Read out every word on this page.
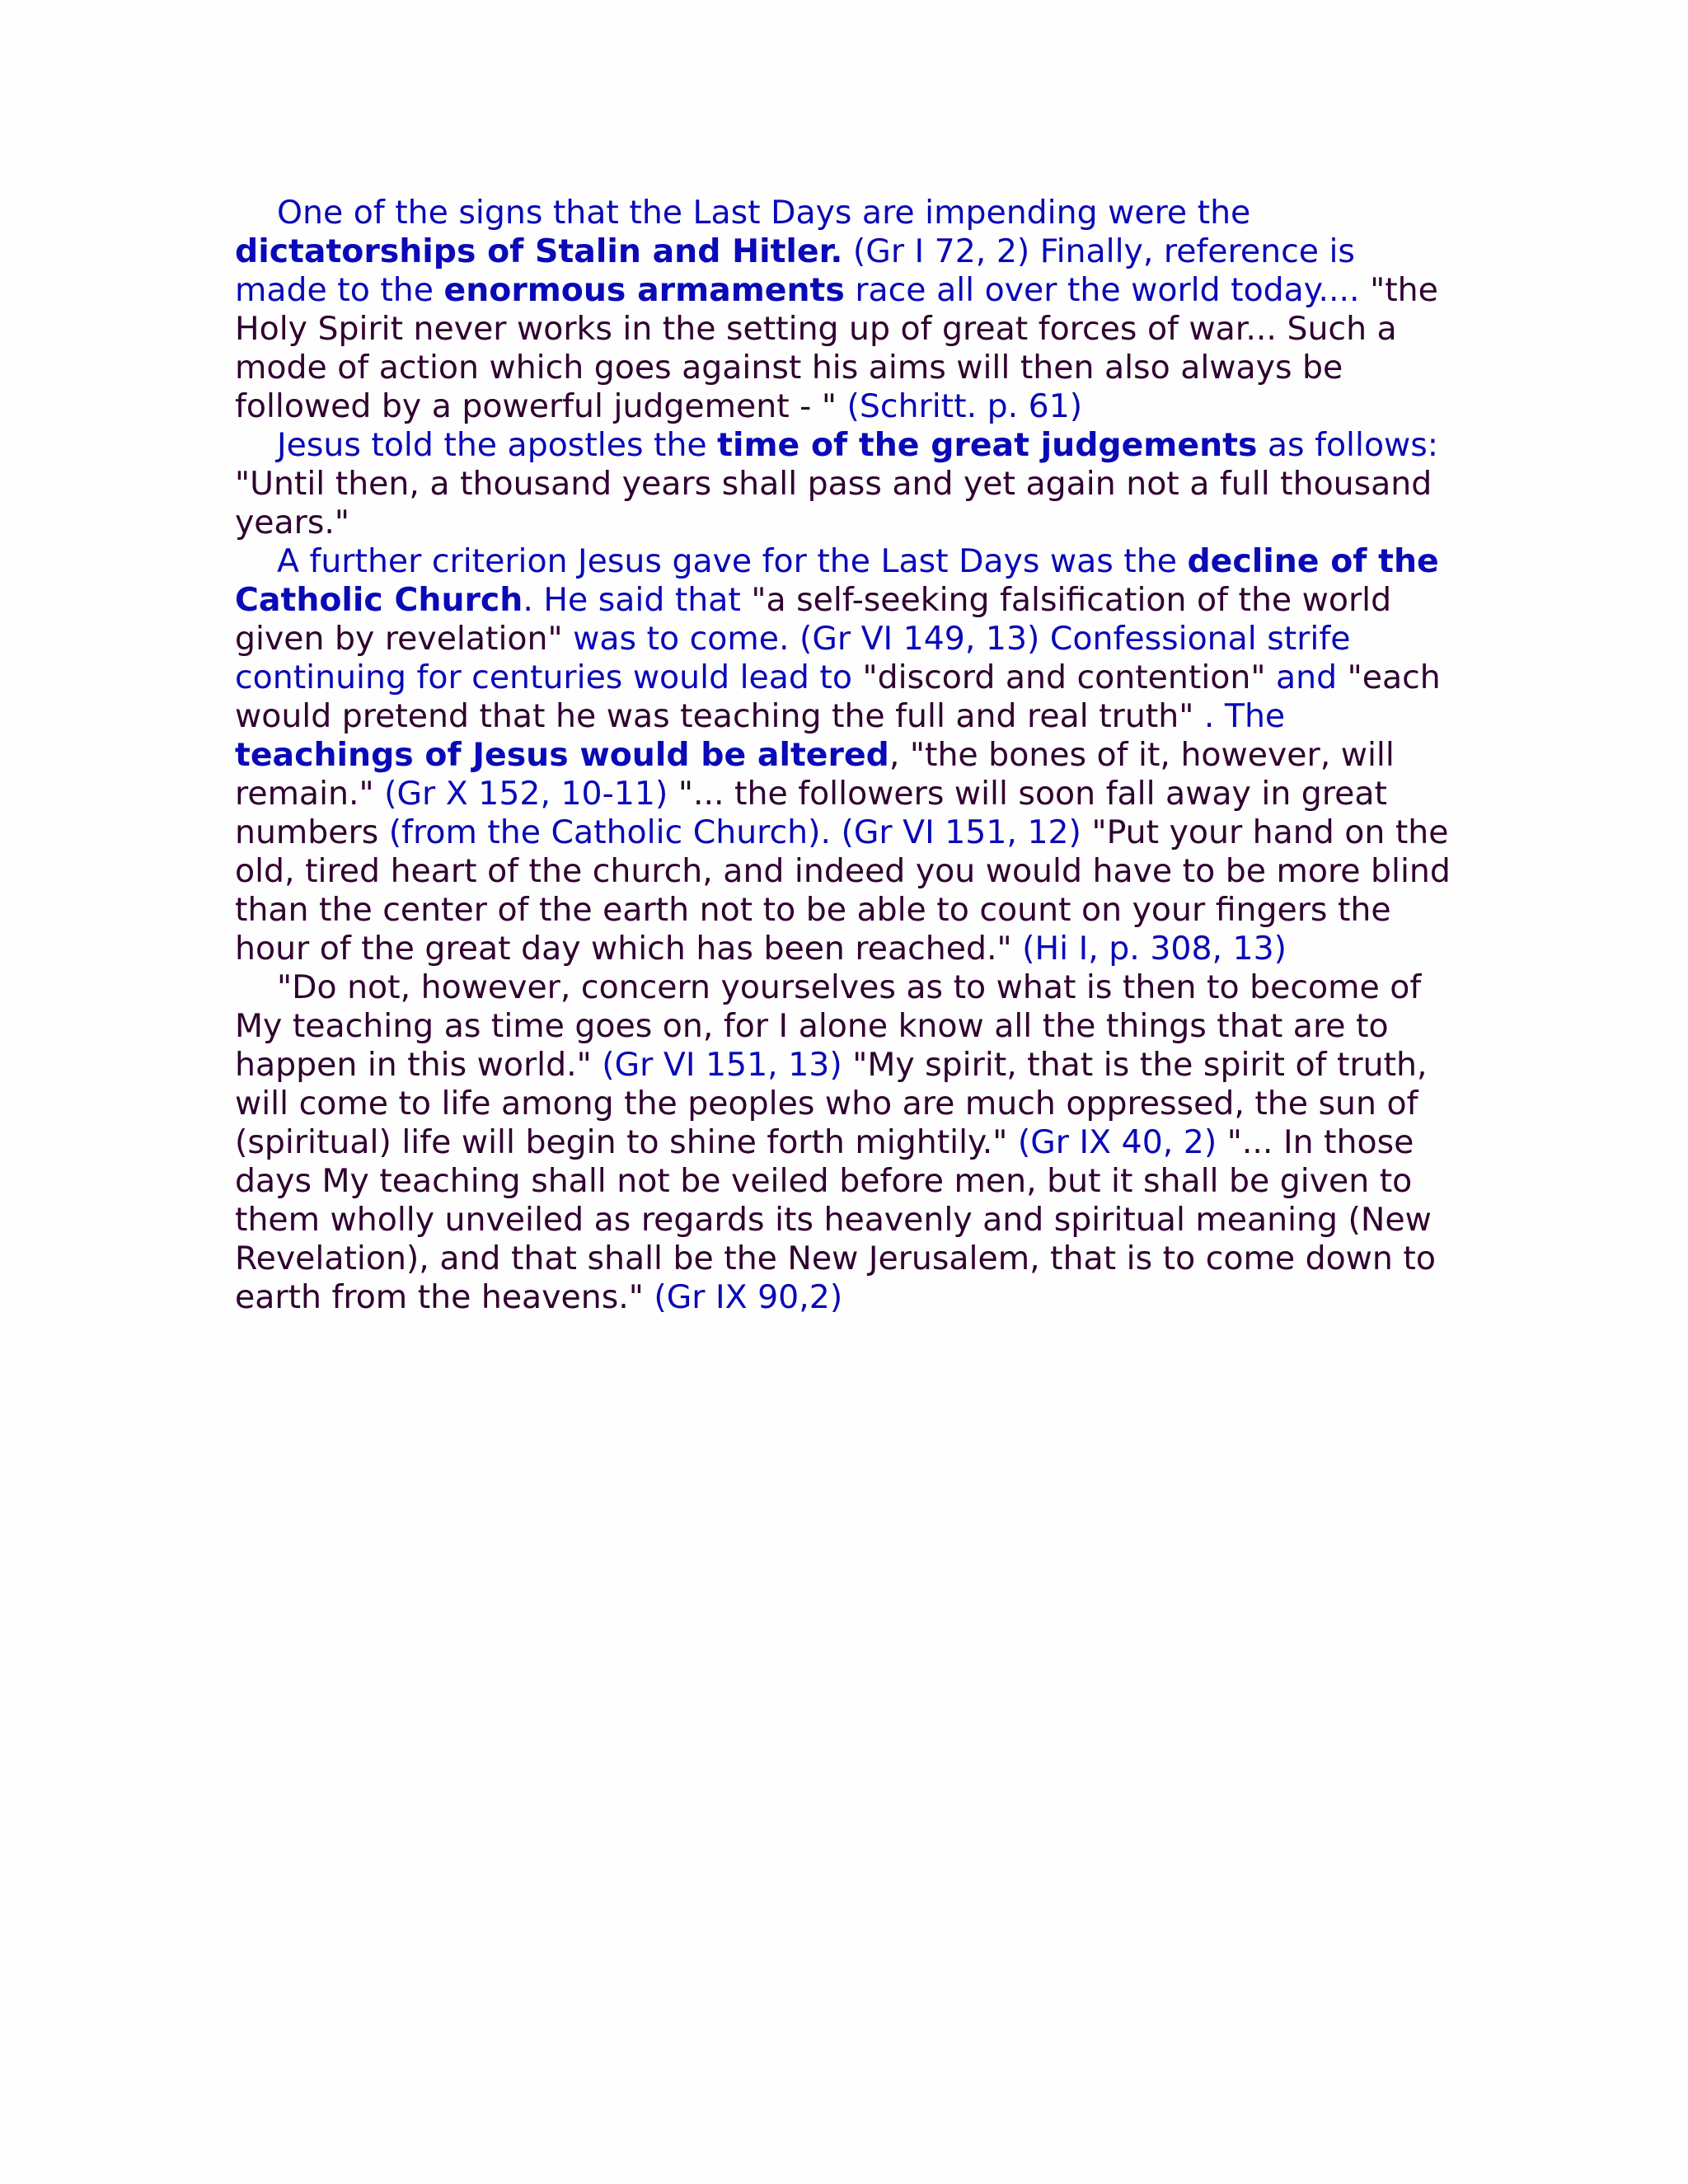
One of the signs that the Last Days are impending were the dictatorships of Stalin and Hitler. (Gr I 72, 2) Finally, reference is made to the enormous armaments race all over the world today.... "the Holy Spirit never works in the setting up of great forces of war... Such a mode of action which goes against his aims will then also always be followed by a powerful judgement - " (Schritt. p. 61)

Jesus told the apostles the time of the great judgements as follows: "Until then, a thousand years shall pass and yet again not a full thousand years."

A further criterion Jesus gave for the Last Days was the decline of the Catholic Church. He said that "a self-seeking falsification of the world given by revelation" was to come. (Gr VI 149, 13) Confessional strife continuing for centuries would lead to "discord and contention" and "each would pretend that he was teaching the full and real truth" . The teachings of Jesus would be altered, "the bones of it, however, will remain." (Gr X 152, 10-11) "... the followers will soon fall away in great numbers (from the Catholic Church). (Gr VI 151, 12) "Put your hand on the old, tired heart of the church, and indeed you would have to be more blind than the center of the earth not to be able to count on your fingers the hour of the great day which has been reached." (Hi I, p. 308, 13)

"Do not, however, concern yourselves as to what is then to become of My teaching as time goes on, for I alone know all the things that are to happen in this world." (Gr VI 151, 13) "My spirit, that is the spirit of truth, will come to life among the peoples who are much oppressed, the sun of (spiritual) life will begin to shine forth mightily." (Gr IX 40, 2) "... In those days My teaching shall not be veiled before men, but it shall be given to them wholly unveiled as regards its heavenly and spiritual meaning (New Revelation), and that shall be the New Jerusalem, that is to come down to earth from the heavens." (Gr IX 90,2)
